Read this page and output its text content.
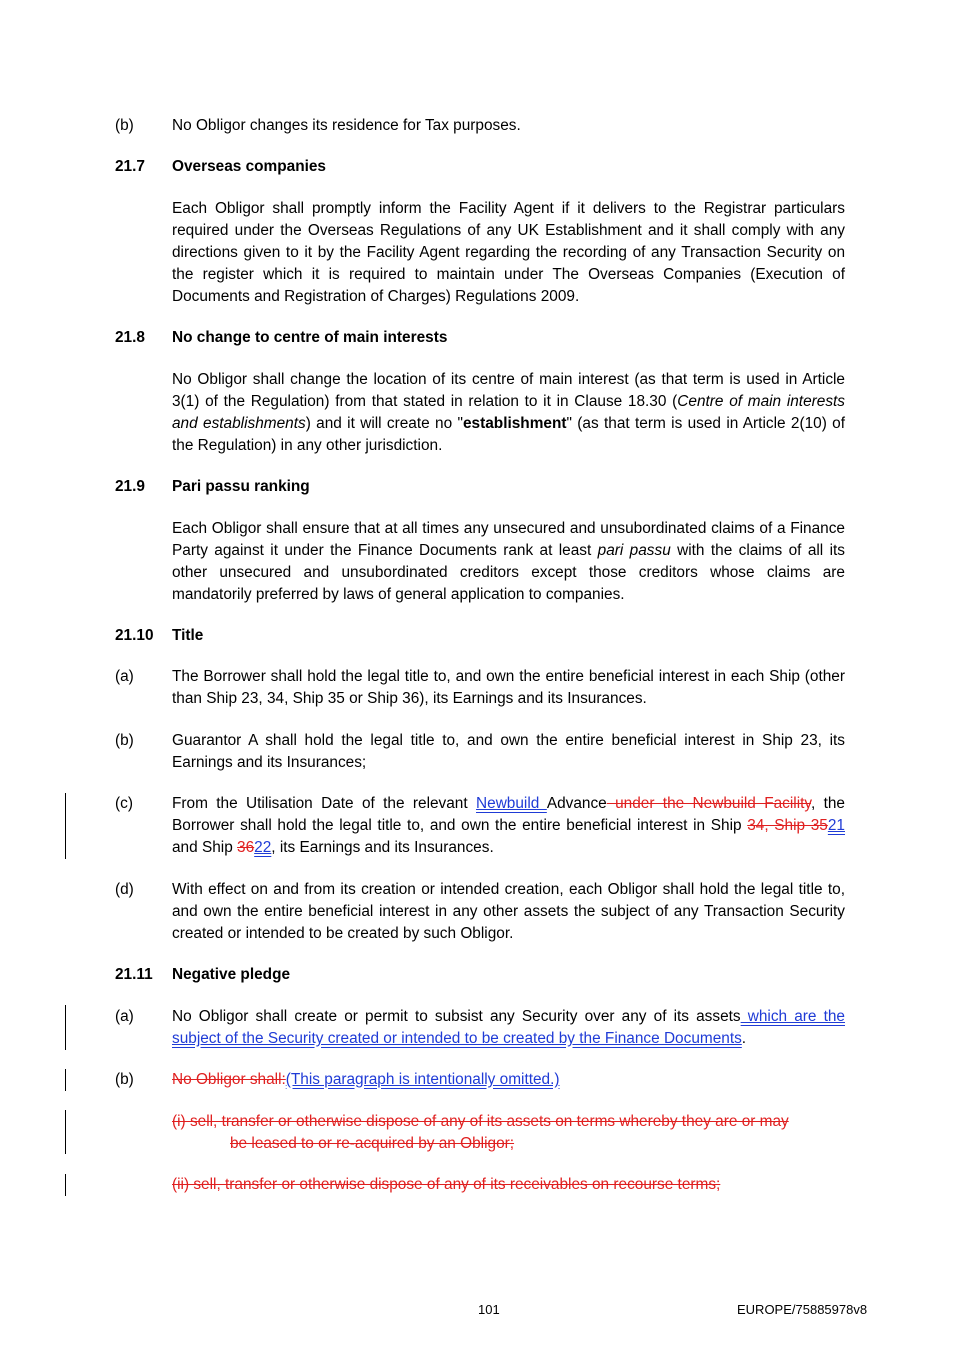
(b) No Obligor changes its residence for Tax purposes.
21.7 Overseas companies
Each Obligor shall promptly inform the Facility Agent if it delivers to the Registrar particulars required under the Overseas Regulations of any UK Establishment and it shall comply with any directions given to it by the Facility Agent regarding the recording of any Transaction Security on the register which it is required to maintain under The Overseas Companies (Execution of Documents and Registration of Charges) Regulations 2009.
21.8 No change to centre of main interests
No Obligor shall change the location of its centre of main interest (as that term is used in Article 3(1) of the Regulation) from that stated in relation to it in Clause 18.30 (Centre of main interests and establishments) and it will create no "establishment" (as that term is used in Article 2(10) of the Regulation) in any other jurisdiction.
21.9 Pari passu ranking
Each Obligor shall ensure that at all times any unsecured and unsubordinated claims of a Finance Party against it under the Finance Documents rank at least pari passu with the claims of all its other unsecured and unsubordinated creditors except those creditors whose claims are mandatorily preferred by laws of general application to companies.
21.10 Title
(a) The Borrower shall hold the legal title to, and own the entire beneficial interest in each Ship (other than Ship 23, 34, Ship 35 or Ship 36), its Earnings and its Insurances.
(b) Guarantor A shall hold the legal title to, and own the entire beneficial interest in Ship 23, its Earnings and its Insurances;
(c)	From the Utilisation Date of the relevant Newbuild Advance under the Newbuild Facility, the Borrower shall hold the legal title to, and own the entire beneficial interest in Ship 34, Ship 3521 and Ship 3622, its Earnings and its Insurances.
(d) With effect on and from its creation or intended creation, each Obligor shall hold the legal title to, and own the entire beneficial interest in any other assets the subject of any Transaction Security created or intended to be created by such Obligor.
21.11 Negative pledge
(a) No Obligor shall create or permit to subsist any Security over any of its assets which are the subject of the Security created or intended to be created by the Finance Documents.
(b) No Obligor shall:(This paragraph is intentionally omitted.)
(i) sell, transfer or otherwise dispose of any of its assets on terms whereby they are or may

be leased to or re-acquired by an Obligor;
(ii) sell, transfer or otherwise dispose of any of its receivables on recourse terms;
101	EUROPE/75885978v8
